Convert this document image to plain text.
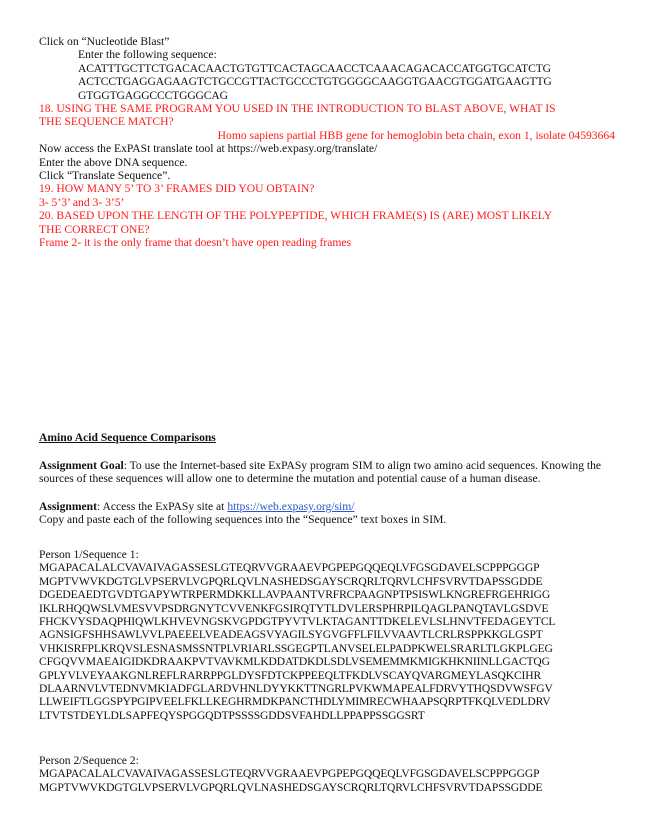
Click on “Nucleotide Blast”
Enter the following sequence:
ACATTTGCTTCTGACACAACTGTGTTCACTAGCAACCTCAAACAGACACCATGGTGCATCTG
ACTCCTGAGGAGAAGTCTGCCGTTACTGCCCTGTGGGGCAAGGTGAACGTGGATGAAGTTG
GTGGTGAGGCCCTGGGCAG
18. USING THE SAME PROGRAM YOU USED IN THE INTRODUCTION TO BLAST ABOVE, WHAT IS
THE SEQUENCE MATCH?
Homo sapiens partial HBB gene for hemoglobin beta chain, exon 1, isolate 04593664
Now access the ExPASt translate tool at https://web.expasy.org/translate/
Enter the above DNA sequence.
Click “Translate Sequence”.
19. HOW MANY 5’ TO 3’ FRAMES DID YOU OBTAIN?
3- 5’3’ and 3- 3’5’
20. BASED UPON THE LENGTH OF THE POLYPEPTIDE, WHICH FRAME(S) IS (ARE) MOST LIKELY
THE CORRECT ONE?
Frame 2- it is the only frame that doesn’t have open reading frames
Amino Acid Sequence Comparisons
Assignment Goal: To use the Internet-based site ExPASy program SIM to align two amino acid sequences. Knowing the sources of these sequences will allow one to determine the mutation and potential cause of a human disease.
Assignment: Access the ExPASy site at https://web.expasy.org/sim/
Copy and paste each of the following sequences into the “Sequence” text boxes in SIM.
Person 1/Sequence 1:
MGAPACALALCVAVAIVAGASSESLGTEQRVVGRAAEVPGPEPGQQEQLVFGSGDAVELSCPPPGGGP
MGPTVWVKDGTGLVPSERVLVGPQRLQVLNASHEDSGAYSCRQRLTQRVLCHFSVRVTDAPSSGDDE
DGEDEAEDTGVDTGAPYWTRPERMDKKLLAVPAANTVRFRCPAAGNPTPSISWLKNGREFRGEHRIGG
IKLRHQQWSLVMESVVPSDRGNYTCVVENKFGSIRQTYTLDVLERSPHRPILQAGLPANQTAVLGSDVE
FHCKVYSDAQPHIQWLKHVEVNGSKVGPDGTPYVTVLKTAGANTTDKELEVLSLHNVTFEDAGEYTCL
AGNSIGFSHHSAWLVVLPAEEELVEADEAGSVYAGILSYGVGFFLFILVVAAVTLCRLRSPPKKGLGSPT
VHKISRFPLKRQVSLESNASMSSNTPLVRIARLSSGEGPTLANVSELELPADPKWELSRARLTLGKPLGEG
CFGQVVMAEAIGIDKDRAAKPVTVAVKMLKDDATDKDLSDLVSEMEMMKMIGKHKNIINLLGACTQG
GPLYVLVEYAAKGNLREFLRARRPPGLDYSFDTCKPPEEQLTFKDLVSCAYQVARGMEYLASQKCIHR
DLAARNVLVTEDNVMKIADFGLARDVHNLDYYKKTTNGRLPVKWMAPEALFDRVYTHQSDVWSFGV
LLWEIFTLGGSPYPGIPVEELFKLLKEGHRMDKPANCTHDLYMIMRECWHAAPSQRPTFKQLVEDLDRV
LTVTSTDEYLDLSAPFEQYSPGGQDTPSSSSGDDSVFAHDLLPPAPPSSGGSRT
Person 2/Sequence 2:
MGAPACALALCVAVAIVAGASSESLGTEQRVVGRAAEVPGPEPGQQEQLVFGSGDAVELSCPPPGGGP
MGPTVWVKDGTGLVPSERVLVGPQRLQVLNASHEDSGAYSCRQRLTQRVLCHFSVRVTDAPSSGDDE
